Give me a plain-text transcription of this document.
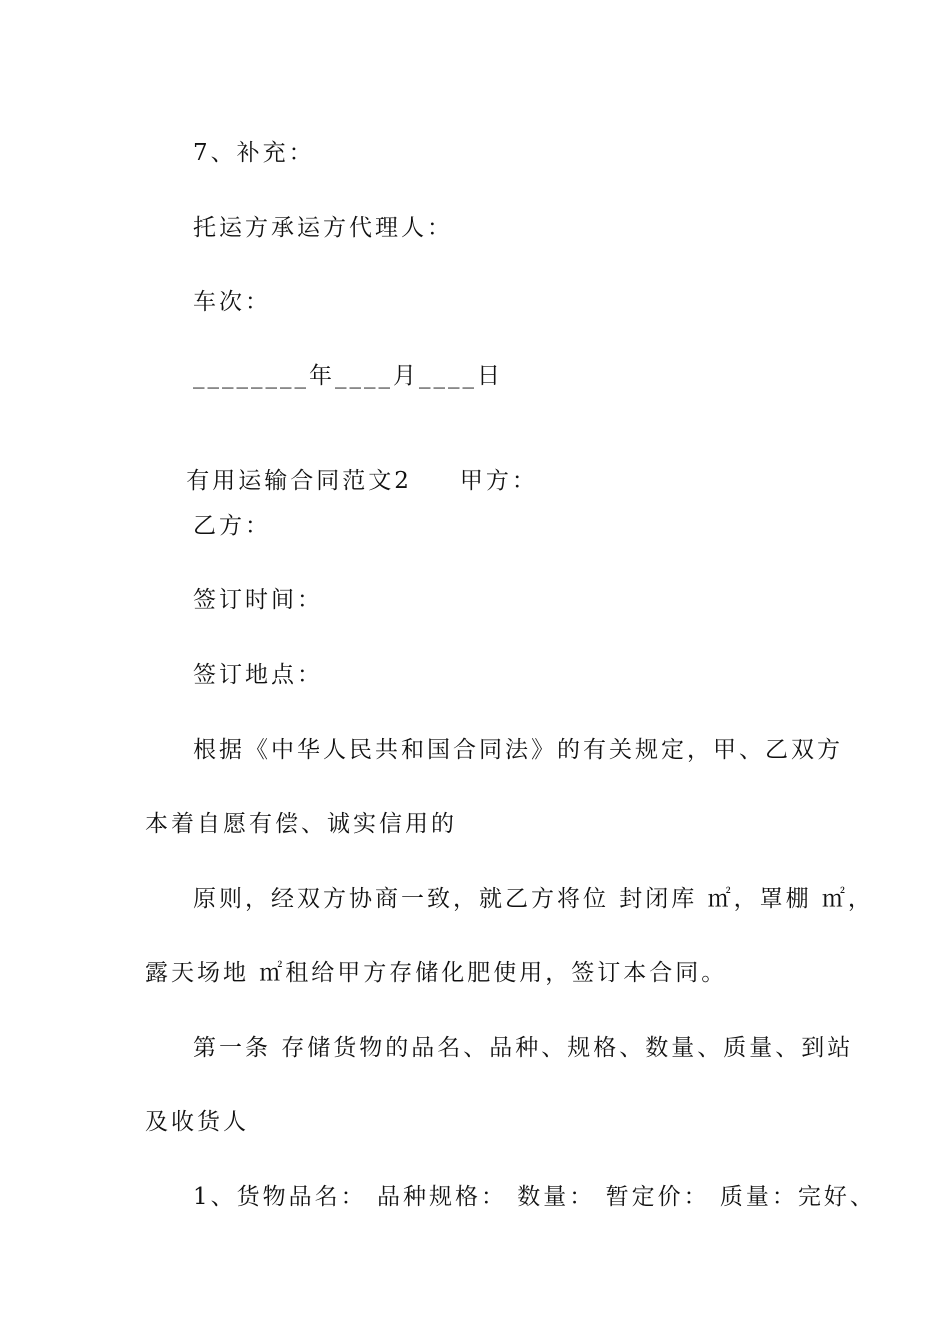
7、补充：
托运方承运方代理人：
车次：
________年____月____日

有用运输合同范文2 甲方：

乙方：
签订时间：
签订地点：
根据《中华人民共和国合同法》的有关规定，甲、乙双方
本着自愿有偿、诚实信用的
原则，经双方协商一致，就乙方将位 封闭库 ㎡，罩棚 ㎡，
露天场地 ㎡租给甲方存储化肥使用，签订本合同。
第一条 存储货物的品名、品种、规格、数量、质量、到站
及收货人
1、货物品名： 品种规格： 数量： 暂定价： 质量：完好、
